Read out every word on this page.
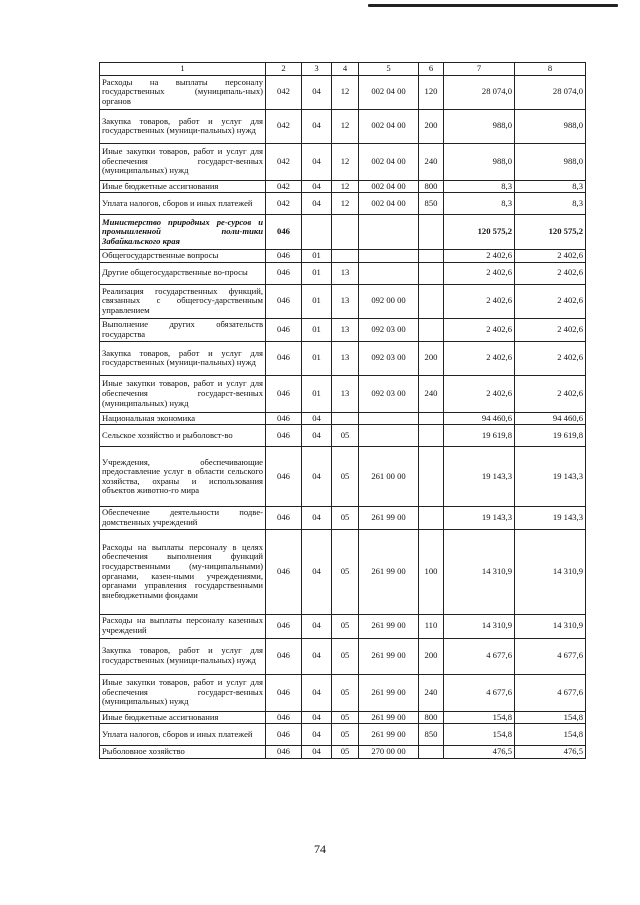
1	2	3	4	5	6	7	8
Расходы на выплаты персоналу государственных (муниципаль-ных) органов	042	04	12	002 04 00	120	28 074,0	28 074,0
Закупка товаров, работ и услуг для государственных (муници-пальных) нужд	042	04	12	002 04 00	200	988,0	988,0
Иные закупки товаров, работ и услуг для обеспечения государст-венных (муниципальных) нужд	042	04	12	002 04 00	240	988,0	988,0
Иные бюджетные ассигнования	042	04	12	002 04 00	800	8,3	8,3
Уплата налогов, сборов и иных платежей	042	04	12	002 04 00	850	8,3	8,3
Министерство природных ре-сурсов и промышленной поли-тики Забайкальского края	046					120 575,2	120 575,2
Общегосударственные вопросы	046	01				2 402,6	2 402,6
Другие общегосударственные во-просы	046	01	13			2 402,6	2 402,6
Реализация государственных функций, связанных с общегосу-дарственным управлением	046	01	13	092 00 00		2 402,6	2 402,6
Выполнение других обязательств государства	046	01	13	092 03 00		2 402,6	2 402,6
Закупка товаров, работ и услуг для государственных (муници-пальных) нужд	046	01	13	092 03 00	200	2 402,6	2 402,6
Иные закупки товаров, работ и услуг для обеспечения государст-венных (муниципальных) нужд	046	01	13	092 03 00	240	2 402,6	2 402,6
Национальная экономика	046	04				94 460,6	94 460,6
Сельское хозяйство и рыболовст-во	046	04	05			19 619,8	19 619,8
Учреждения, обеспечивающие предоставление услуг в области сельского хозяйства, охраны и использования объектов животно-го мира	046	04	05	261 00 00		19 143,3	19 143,3
Обеспечение деятельности подве-домственных учреждений	046	04	05	261 99 00		19 143,3	19 143,3
Расходы на выплаты персоналу в целях обеспечения выполнения функций государственными (му-ниципальными) органами, казен-ными учреждениями, органами управления государственными внебюджетными фондами	046	04	05	261 99 00	100	14 310,9	14 310,9
Расходы на выплаты персоналу казенных учреждений	046	04	05	261 99 00	110	14 310,9	14 310,9
Закупка товаров, работ и услуг для государственных (муници-пальных) нужд	046	04	05	261 99 00	200	4 677,6	4 677,6
Иные закупки товаров, работ и услуг для обеспечения государст-венных (муниципальных) нужд	046	04	05	261 99 00	240	4 677,6	4 677,6
Иные бюджетные ассигнования	046	04	05	261 99 00	800	154,8	154,8
Уплата налогов, сборов и иных платежей	046	04	05	261 99 00	850	154,8	154,8
Рыболовное хозяйство	046	04	05	270 00 00		476,5	476,5
74
